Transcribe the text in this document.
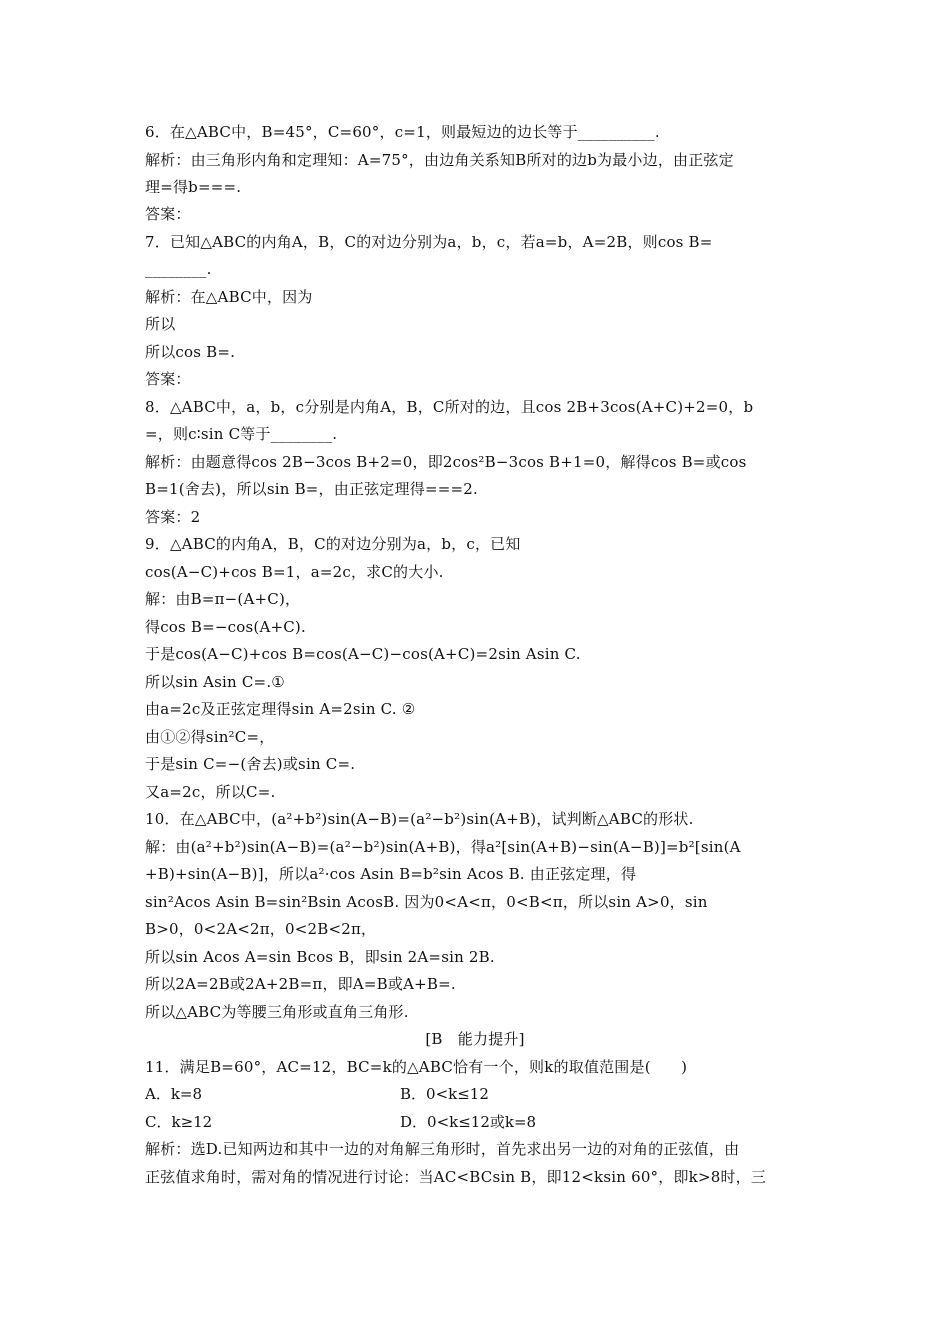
6．在△ABC中，B=45°，C=60°，c=1，则最短边的边长等于__________.
解析：由三角形内角和定理知：A=75°，由边角关系知B所对的边b为最小边，由正弦定
理=得b===.
答案：
7．已知△ABC的内角A，B，C的对边分别为a，b，c，若a=b，A=2B，则cos B=
________.
解析：在△ABC中，因为
所以
所以cos B=.
答案：
8．△ABC中，a，b，c分别是内角A，B，C所对的边，且cos 2B+3cos(A+C)+2=0，b
=，则c∶sin C等于________.
解析：由题意得cos 2B−3cos B+2=0，即2cos²B−3cos B+1=0，解得cos B=或cos
B=1(舍去)，所以sin B=，由正弦定理得===2.
答案：2
9．△ABC的内角A，B，C的对边分别为a，b，c，已知
cos(A−C)+cos B=1，a=2c，求C的大小.
解：由B=π−(A+C)，
得cos B=−cos(A+C).
于是cos(A−C)+cos B=cos(A−C)−cos(A+C)=2sin Asin C.
所以sin Asin C=.①
由a=2c及正弦定理得sin A=2sin C. ②
由①②得sin²C=，
于是sin C=−(舍去)或sin C=.
又a=2c，所以C=.
10．在△ABC中，(a²+b²)sin(A−B)=(a²−b²)sin(A+B)，试判断△ABC的形状.
解：由(a²+b²)sin(A−B)=(a²−b²)sin(A+B)，得a²[sin(A+B)−sin(A−B)]=b²[sin(A
+B)+sin(A−B)]，所以a²·cos Asin B=b²sin Acos B. 由正弦定理，得
sin²Acos Asin B=sin²Bsin AcosB. 因为0<A<π，0<B<π，所以sin A>0，sin
B>0，0<2A<2π，0<2B<2π，
所以sin Acos A=sin Bcos B，即sin 2A=sin 2B.
所以2A=2B或2A+2B=π，即A=B或A+B=.
所以△ABC为等腰三角形或直角三角形.
[B　能力提升]
11．满足B=60°，AC=12，BC=k的△ABC恰有一个，则k的取值范围是(　　)
A．k=8	B．0<k≤12
C．k≥12	D．0<k≤12或k=8
解析：选D.已知两边和其中一边的对角解三角形时，首先求出另一边的对角的正弦值，由
正弦值求角时，需对角的情况进行讨论：当AC<BCsin B，即12<ksin 60°，即k>8时，三
